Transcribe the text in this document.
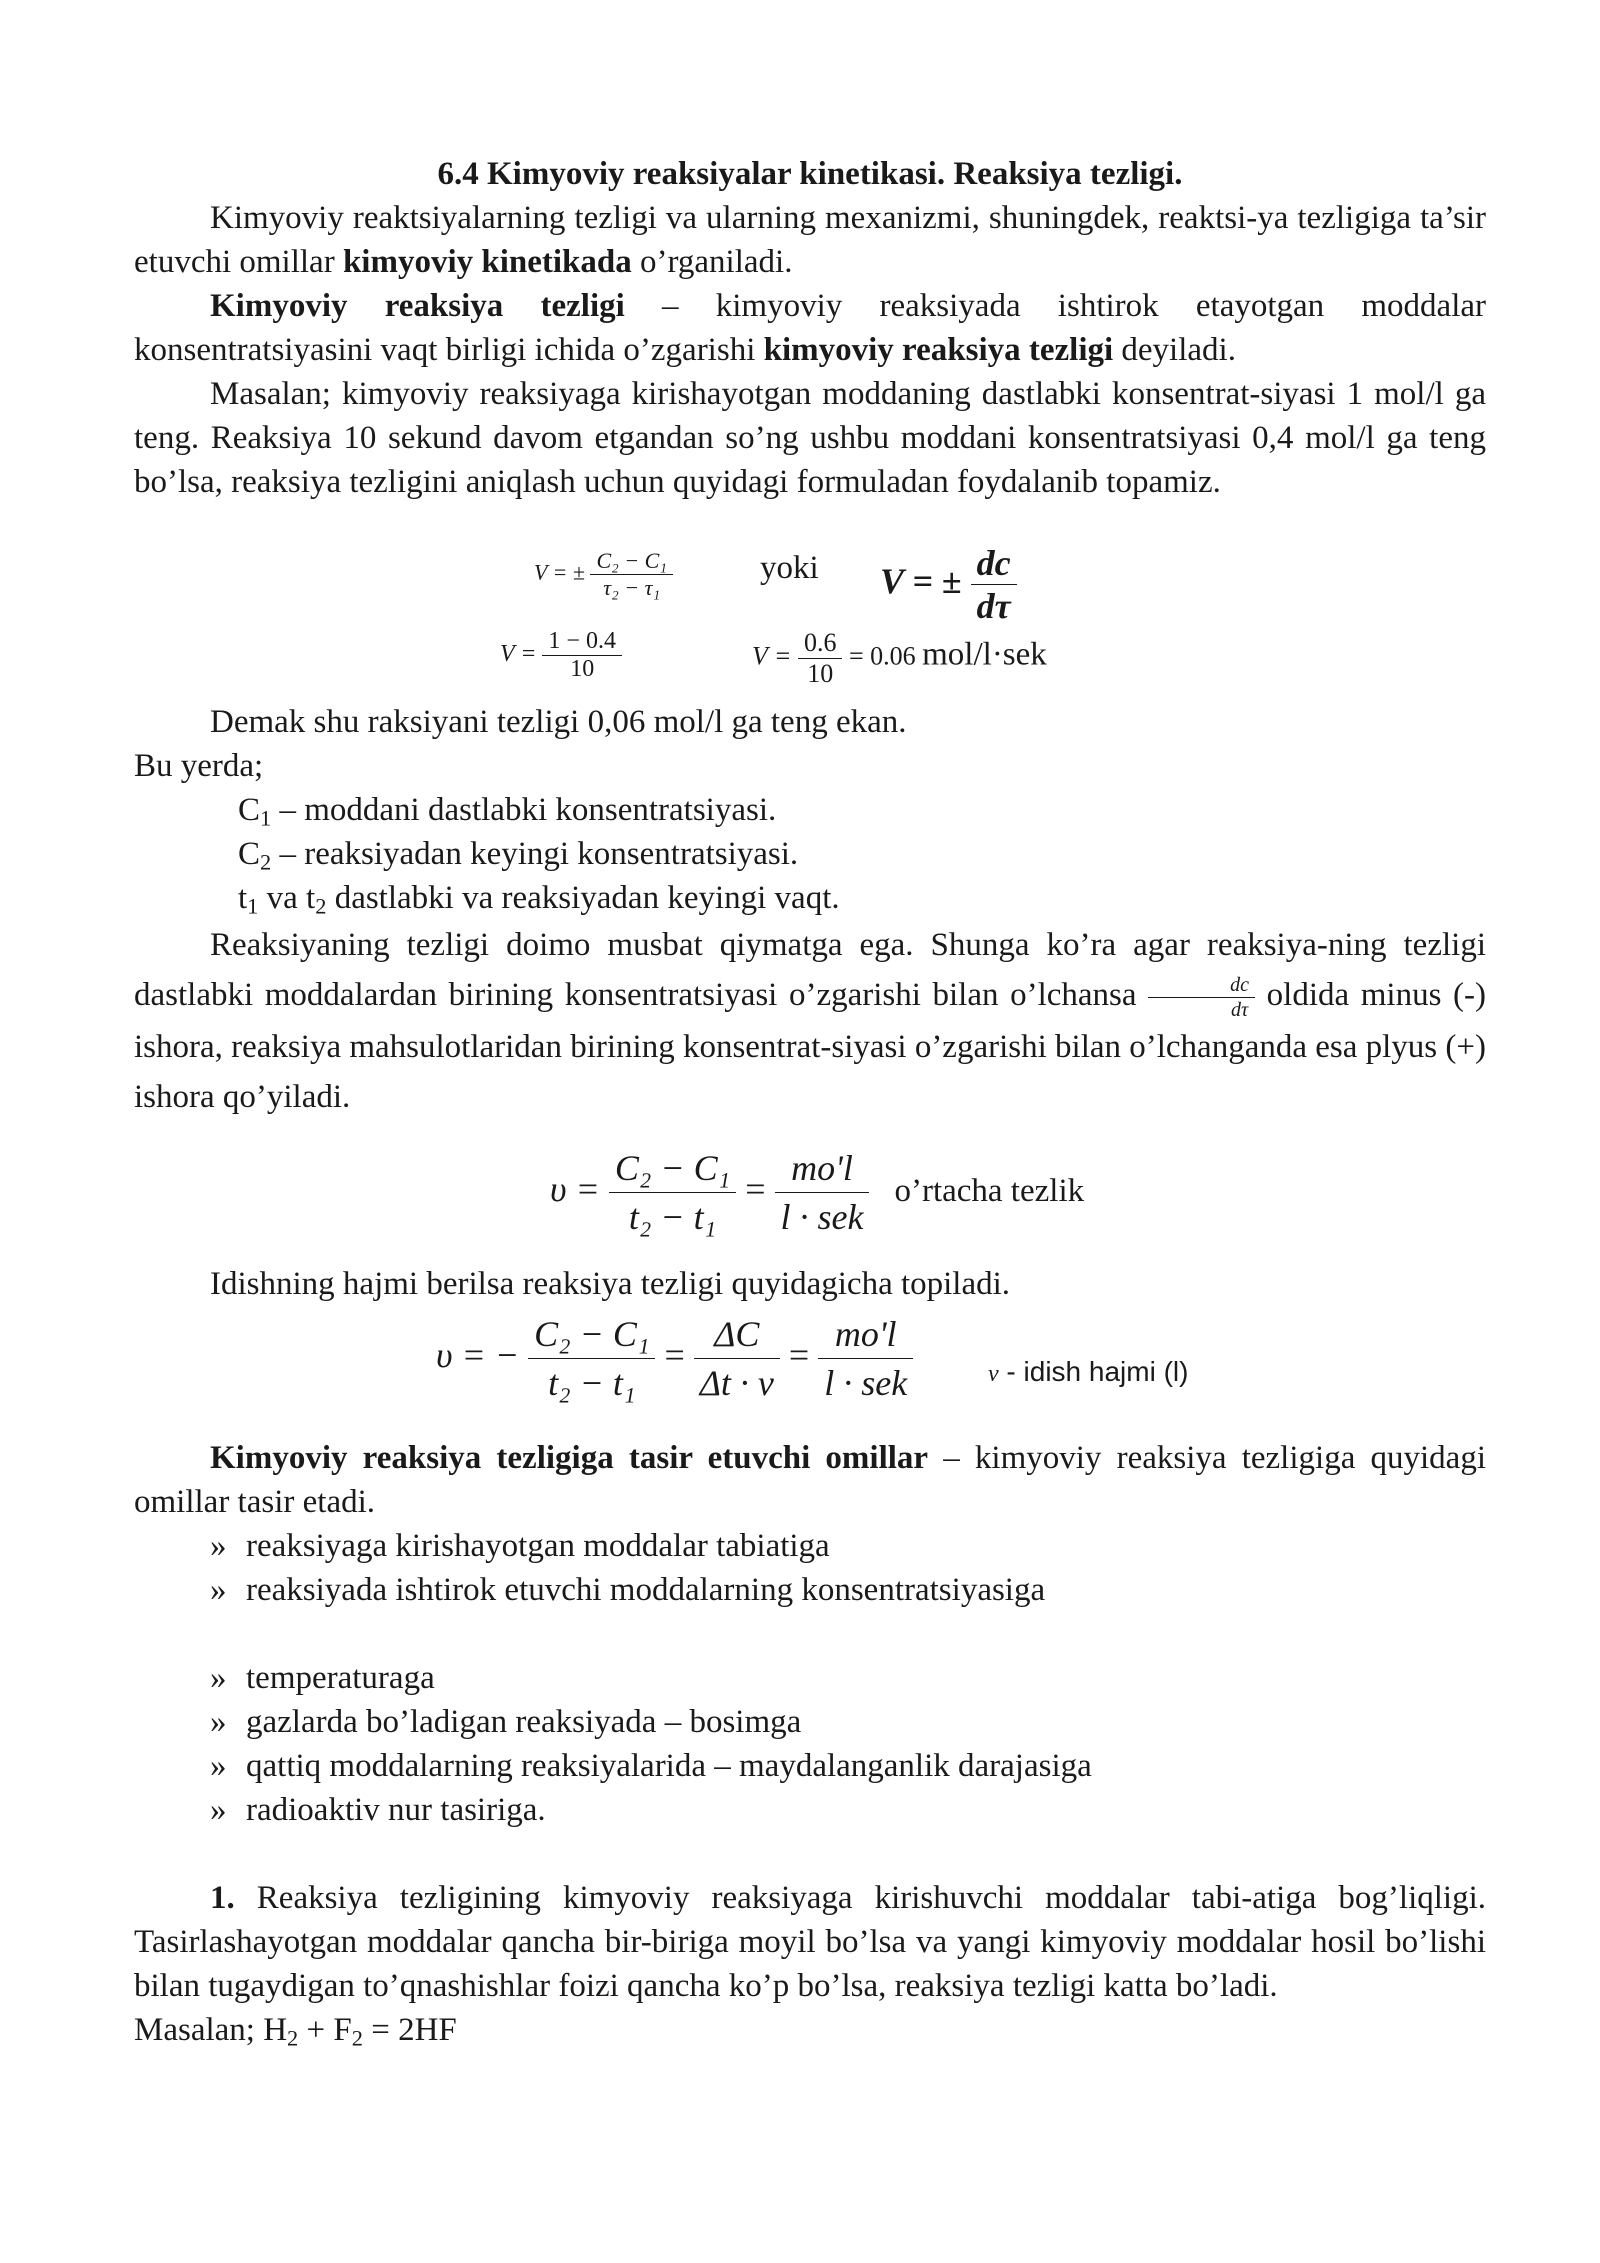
6.4 Kimyoviy reaksiyalar kinetikasi. Reaksiya tezligi.

Kimyoviy reaktsiyalarning tezligi va ularning mexanizmi, shuningdek, reaktsi-ya tezligiga ta’sir etuvchi omillar kimyoviy kinetikada o’rganiladi.

Kimyoviy reaksiya tezligi – kimyoviy reaksiyada ishtirok etayotgan moddalar konsentratsiyasini vaqt birligi ichida o’zgarishi kimyoviy reaksiya tezligi deyiladi.

Masalan; kimyoviy reaksiyaga kirishayotgan moddaning dastlabki konsentrat-siyasi 1 mol/l ga teng. Reaksiya 10 sekund davom etgandan so’ng ushbu moddani konsentratsiyasi 0,4 mol/l ga teng bo’lsa, reaksiya tezligini aniqlash uchun quyidagi formuladan foydalanib topamiz.

V = ± $\frac{\text{C₂ − C₁}}{\text{τ₂ − τ₁}}$	yoki V = ± $\frac{dc}{d\tau}$
$V = \frac{1 - 0.4}{10}$	$V = \frac{0.6}{10} = 0.06$ mol/l·sek

Demak shu raksiyani tezligi 0,06 mol/l ga teng ekan.

Bu yerda;

$C_1$ – moddani dastlabki konsentratsiyasi.

$C_2$ – reaksiyadan keyingi konsentratsiyasi.

$t_1$ va $t_2$ dastlabki va reaksiyadan keyingi vaqt.

Reaksiyaning tezligi doimo musbat qiymatga ega. Shunga ko’ra agar reaksiya-ning tezligi dastlabki moddalardan birining konsentratsiyasi o’zgarishi bilan o’lchansa $\frac{dc}{d\tau}$ oldida minus (-) ishora, reaksiya mahsulotlaridan birining konsentrat-siyasi o’zgarishi bilan o’lchanganda esa plyus (+) ishora qo’yiladi.

$\upsilon = \frac{\text{C₂ − C₁}}{\text{t₂ − t₁}} = \frac{mo'l}{\text{l · sek}}$ o’rtacha tezlik

Idishning hajmi berilsa reaksiya tezligi quyidagicha topiladi.

υ = − $\frac{\text{C₂ − C₁}}{\text{t₂ − t₁}} = \frac{\Delta C}{\Delta t \cdot v} = \frac{mo'l}{\text{l · sek}}$	v - idish hajmi (l)

Kimyoviy reaksiya tezligiga tasir etuvchi omillar – kimyoviy reaksiya tezligiga quyidagi omillar tasir etadi.

» reaksiyaga kirishayotgan moddalar tabiatiga
» reaksiyada ishtirok etuvchi moddalarning konsentratsiyasiga
» temperaturaga
» gazlarda bo’ladigan reaksiyada – bosimga
» qattiq moddalarning reaksiyalarida – maydalanganlik darajasiga
» radioaktiv nur tasiriga.

1. Reaksiya tezligining kimyoviy reaksiyaga kirishuvchi moddalar tabi-atiga bog’liqligi. Tasirlashayotgan moddalar qancha bir-biriga moyil bo’lsa va yangi kimyoviy moddalar hosil bo’lishi bilan tugaydigan to’qnashishlar foizi qancha ko’p bo’lsa, reaksiya tezligi katta bo’ladi.

Masalan; $H_2 + F_2 = 2HF$
